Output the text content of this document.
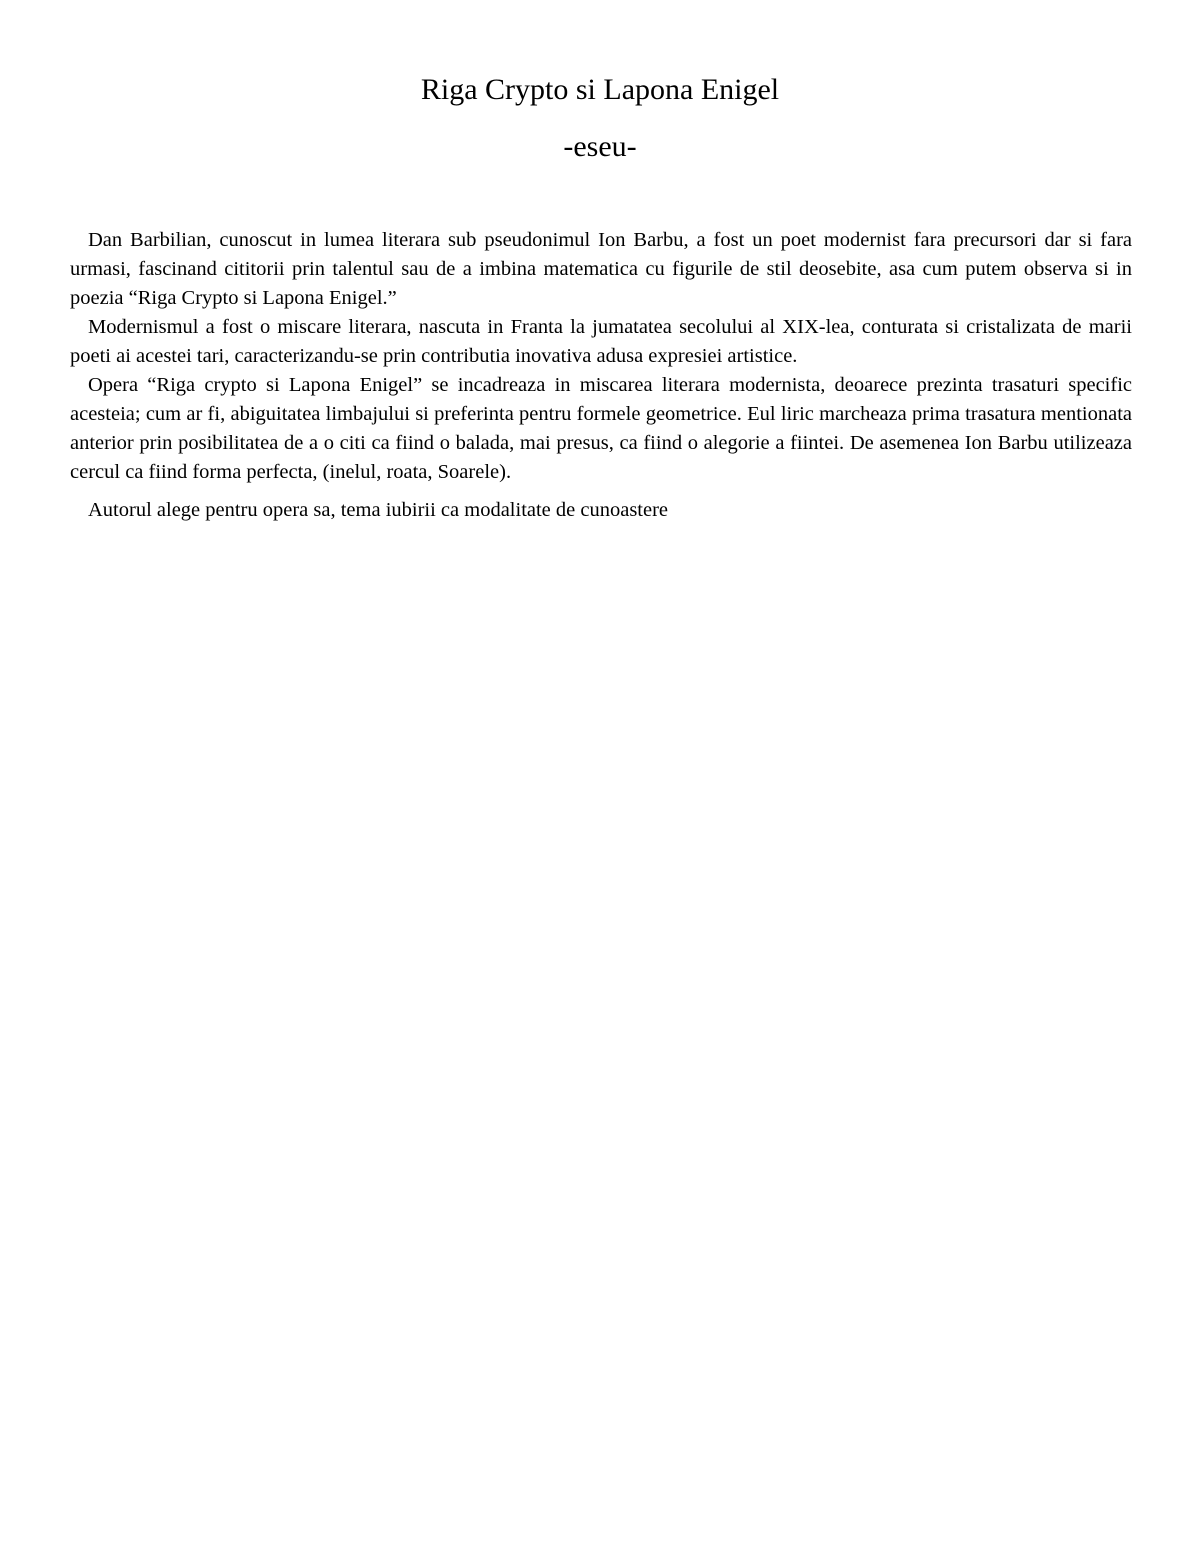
Riga Crypto si Lapona Enigel
-eseu-

Dan Barbilian, cunoscut in lumea literara sub pseudonimul Ion Barbu, a fost un poet modernist fara precursori dar si fara urmasi, fascinand cititorii prin talentul sau de a imbina matematica cu figurile de stil deosebite, asa cum putem observa si in poezia “Riga Crypto si Lapona Enigel.”

Modernismul a fost o miscare literara, nascuta in Franta la jumatatea secolului al XIX-lea, conturata si cristalizata de marii poeti ai acestei tari, caracterizandu-se prin contributia inovativa adusa expresiei artistice.

Opera “Riga crypto si Lapona Enigel” se incadreaza in miscarea literara modernista, deoarece prezinta trasaturi specific acesteia; cum ar fi, abiguitatea limbajului si preferinta pentru formele geometrice. Eul liric marcheaza prima trasatura mentionata anterior prin posibilitatea de a o citi ca fiind o balada, mai presus, ca fiind o alegorie a fiintei. De asemenea Ion Barbu utilizeaza cercul ca fiind forma perfecta, (inelul, roata, Soarele).

Autorul alege pentru opera sa, tema iubirii ca modalitate de cunoastere
